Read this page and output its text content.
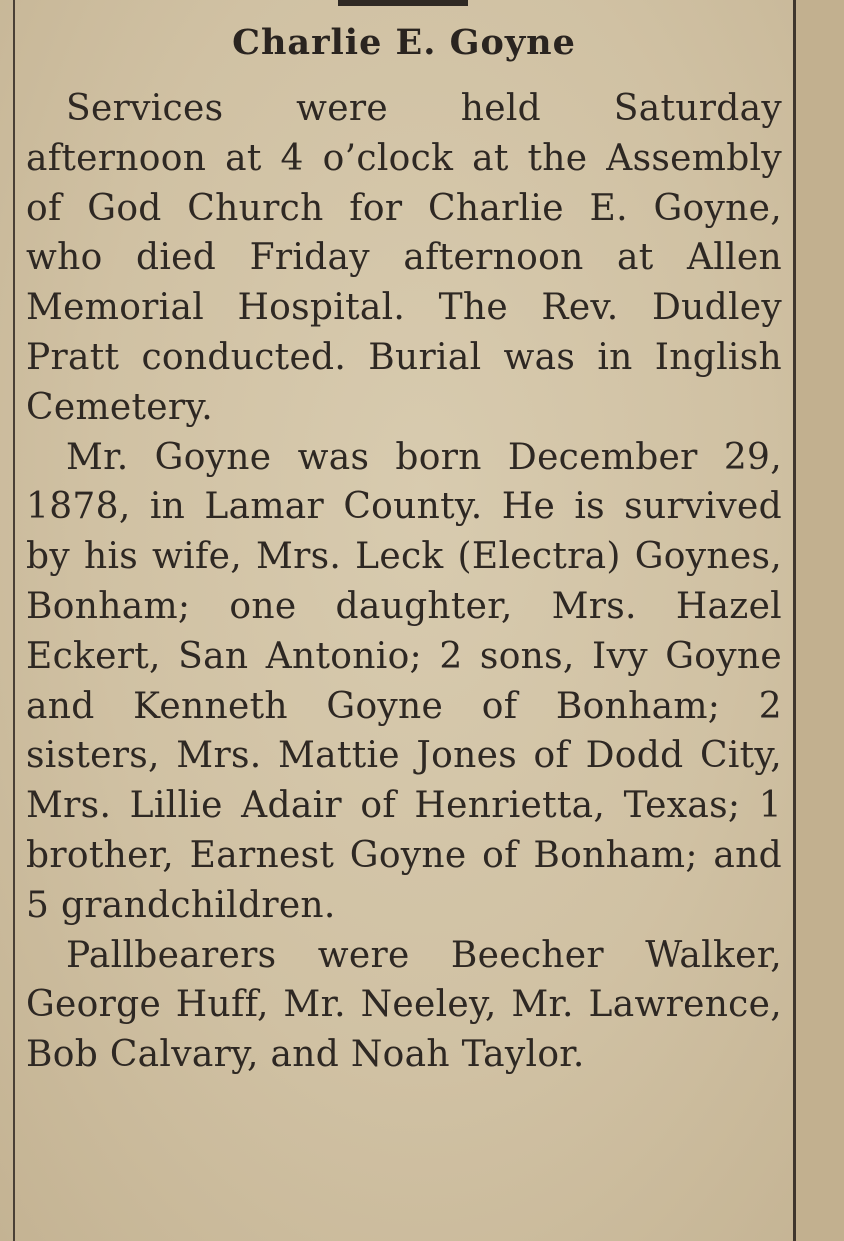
Charlie E. Goyne

Services were held Saturday afternoon at 4 o’clock at the Assembly of God Church for Charlie E. Goyne, who died Friday afternoon at Allen Memorial Hospital. The Rev. Dudley Pratt conducted. Burial was in Inglish Cemetery.

Mr. Goyne was born December 29, 1878, in Lamar County. He is survived by his wife, Mrs. Leck (Electra) Goynes, Bonham; one daughter, Mrs. Hazel Eckert, San Antonio; 2 sons, Ivy Goyne and Kenneth Goyne of Bonham; 2 sisters, Mrs. Mattie Jones of Dodd City, Mrs. Lillie Adair of Henrietta, Texas; 1 brother, Earnest Goyne of Bonham; and 5 grandchildren.

Pallbearers were Beecher Walker, George Huff, Mr. Neeley, Mr. Lawrence, Bob Calvary, and Noah Taylor.
